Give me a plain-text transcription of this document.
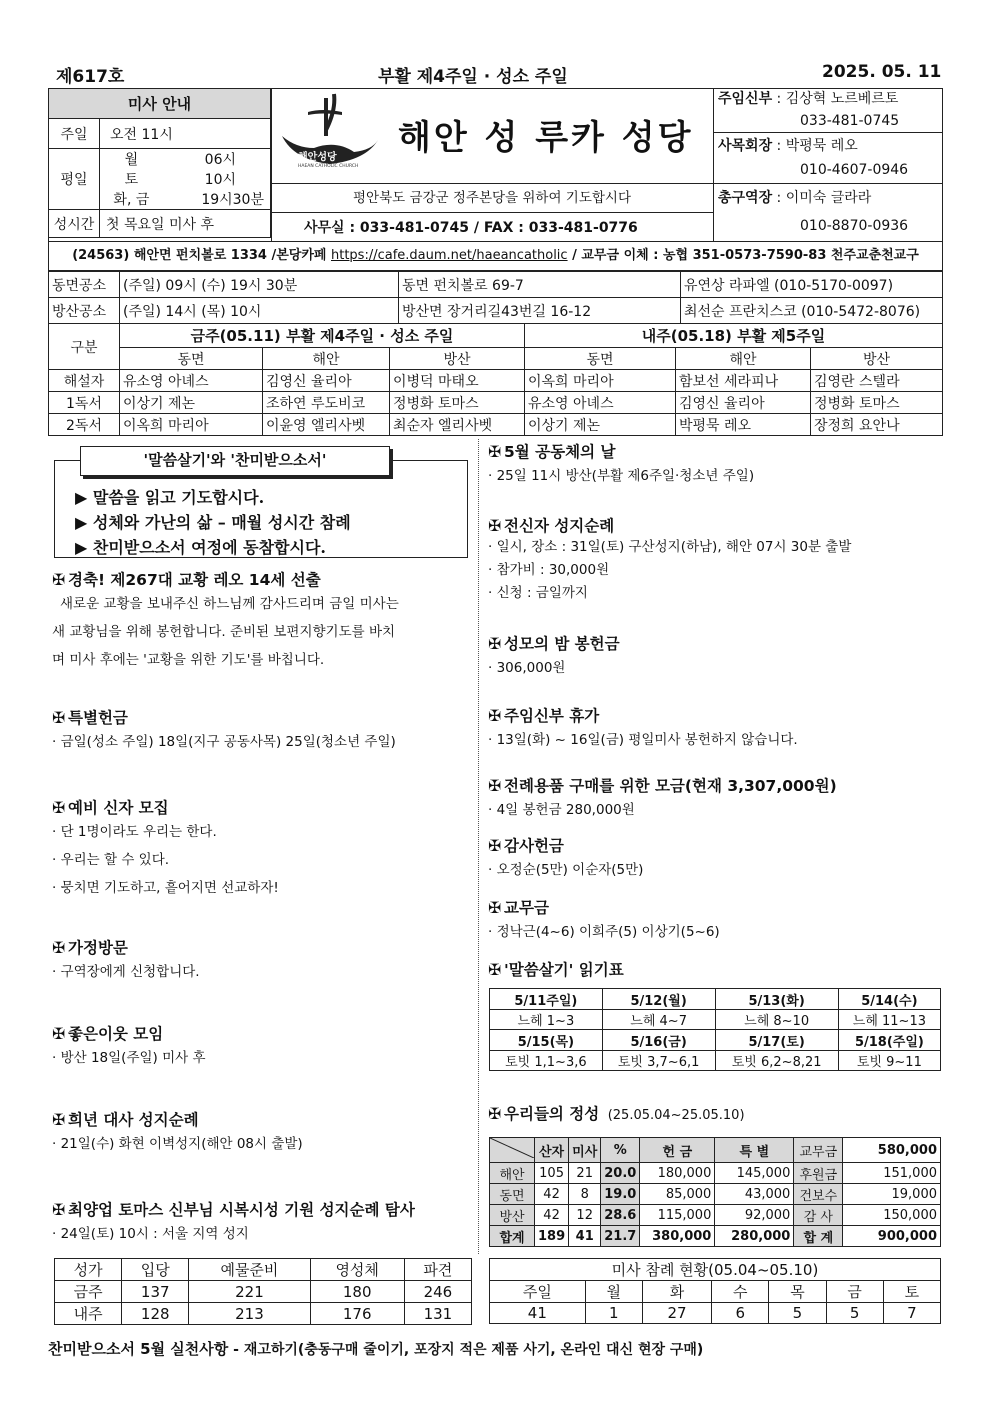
제617호	부활 제4주일 · 성소 주일	2025. 05. 11
미사 안내		
주일	오전 11시	
평일	월	06시
	토	10시
	화, 금	19시30분
성시간	첫 목요일 미사 후	
해안성당
HAEAN CATHOLIC CHURCH
해안 성 루카 성당
평안북도 금강군 정주본당을 위하여 기도합시다
사무실 : 033-481-0745 / FAX : 033-481-0776
주임신부 : 김상혁 노르베르토
033-481-0745
사목회장 : 박평묵 레오
010-4607-0946
총구역장 : 이미숙 글라라
010-8870-0936
(24563) 해안면 펀치볼로 1334 /본당카페 https://cafe.daum.net/haeancatholic / 교무금 이체 : 농협 351-0573-7590-83 천주교춘천교구
동면공소	(주일) 09시 (수) 19시 30분	동면 펀치볼로 69-7	유연상 라파엘 (010-5170-0097)
방산공소	(주일) 14시 (목) 10시	방산면 장거리길43번길 16-12	최선순 프란치스코 (010-5472-8076)
구분	금주(05.11) 부활 제4주일 · 성소 주일			내주(05.18) 부활 제5주일		
	동면	해안	방산	동면	해안	방산
해설자	유소영 아녜스	김영신 율리아	이병덕 마태오	이옥희 마리아	함보선 세라피나	김영란 스텔라
1독서	이상기 제논	조하연 루도비코	정병화 토마스	유소영 아녜스	김영신 율리아	정병화 토마스
2독서	이옥희 마리아	이윤영 엘리사벳	최순자 엘리사벳	이상기 제논	박평묵 레오	장정희 요안나
▶ 말씀을 읽고 기도합시다.
▶ 성체와 가난의 삶 – 매월 성시간 참례
▶ 찬미받으소서 여정에 동참합시다.
'말씀살기'와 '찬미받으소서'
✠ 경축! 제267대 교황 레오 14세 선출
새로운 교황을 보내주신 하느님께 감사드리며 금일 미사는
새 교황님을 위해 봉헌합니다. 준비된 보편지향기도를 바치
며 미사 후에는 '교황을 위한 기도'를 바칩니다.
✠ 특별헌금
· 금일(성소 주일) 18일(지구 공동사목) 25일(청소년 주일)
✠ 예비 신자 모집
· 단 1명이라도 우리는 한다.
· 우리는 할 수 있다.
· 뭉치면 기도하고, 흩어지면 선교하자!
✠ 가정방문
· 구역장에게 신청합니다.
✠ 좋은이웃 모임
· 방산 18일(주일) 미사 후
✠ 희년 대사 성지순례
· 21일(수) 화현 이벽성지(해안 08시 출발)
✠ 최양업 토마스 신부님 시복시성 기원 성지순례 탐사
· 24일(토) 10시 : 서울 지역 성지
✠ 5월 공동체의 날
· 25일 11시 방산(부활 제6주일·청소년 주일)
✠ 전신자 성지순례
· 일시, 장소 : 31일(토) 구산성지(하남), 해안 07시 30분 출발
· 참가비 : 30,000원
· 신청 : 금일까지
✠ 성모의 밤 봉헌금
· 306,000원
✠ 주임신부 휴가
· 13일(화) ~ 16일(금) 평일미사 봉헌하지 않습니다.
✠ 전례용품 구매를 위한 모금(현재 3,307,000원)
· 4일 봉헌금 280,000원
✠ 감사헌금
· 오정순(5만) 이순자(5만)
✠ 교무금
· 정낙근(4~6) 이희주(5) 이상기(5~6)
✠ '말씀살기' 읽기표
5/11주일)	5/12(월)	5/13(화)	5/14(수)
느헤 1~3	느헤 4~7	느헤 8~10	느헤 11~13
5/15(목)	5/16(금)	5/17(토)	5/18(주일)
토빗 1,1~3,6	토빗 3,7~6,1	토빗 6,2~8,21	토빗 9~11
✠ 우리들의 정성 (25.05.04~25.05.10)
	산자	미사	%	헌 금	특 별	교무금	580,000
해안	105	21	20.0	180,000	145,000	후원금	151,000
동면	42	8	19.0	85,000	43,000	건보수	19,000
방산	42	12	28.6	115,000	92,000	감 사	150,000
합계	189	41	21.7	380,000	280,000	합 계	900,000
성가	입당	예물준비	영성체	파견
금주	137	221	180	246
내주	128	213	176	131
미사 참례 현황(05.04~05.10)						
주일	월	화	수	목	금	토
41	1	27	6	5	5	7
찬미받으소서 5월 실천사항 - 재고하기(충동구매 줄이기, 포장지 적은 제품 사기, 온라인 대신 현장 구매)
